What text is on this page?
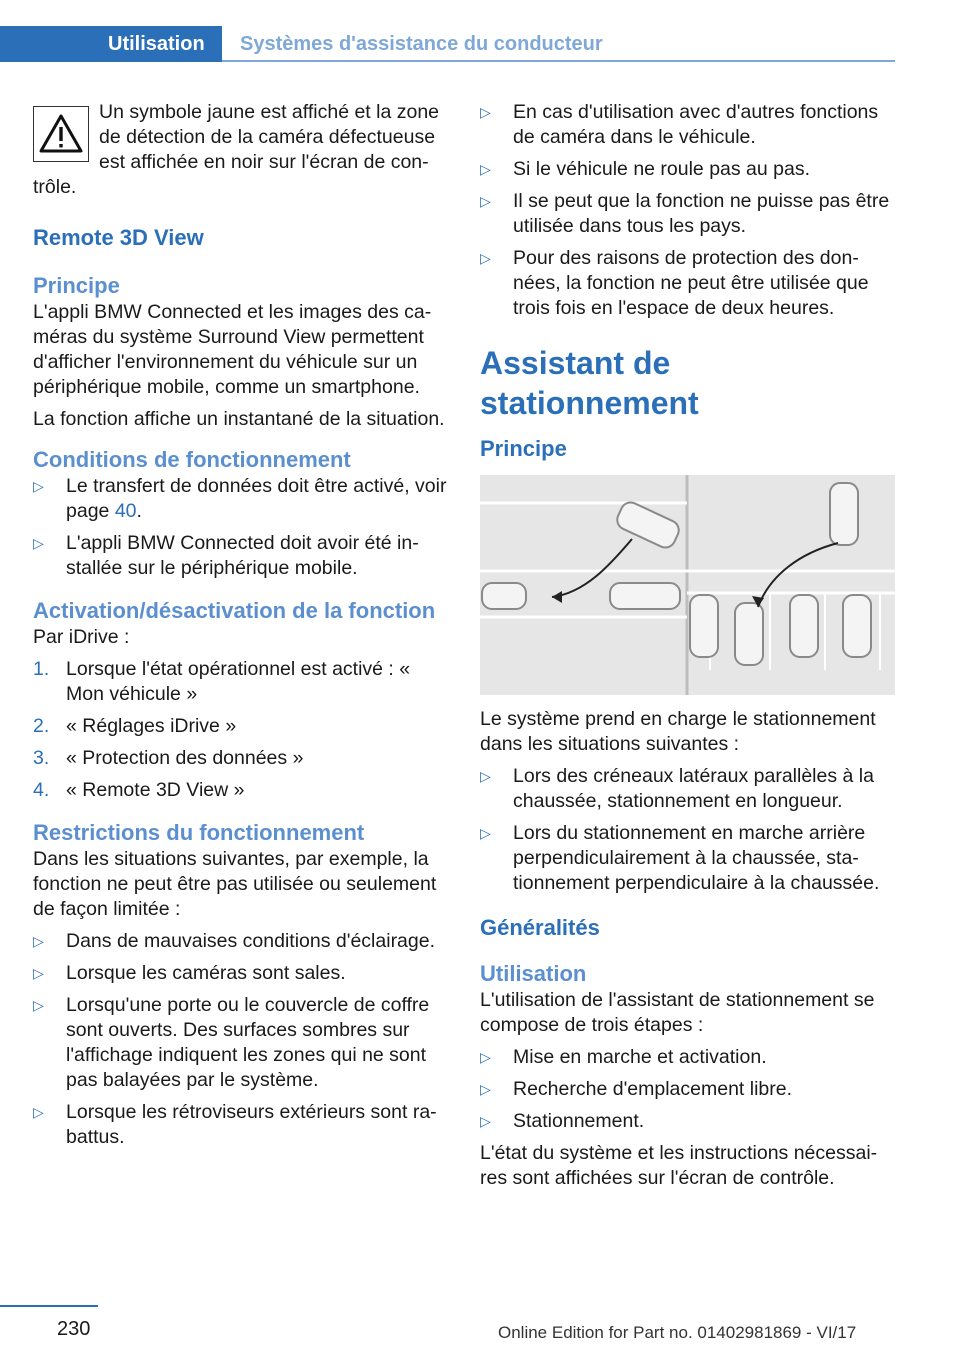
Utilisation	Systèmes d'assistance du conducteur

Un symbole jaune est affiché et la zone de détection de la caméra défectueuse est affichée en noir sur l'écran de con-

trôle.

Remote 3D View
Principe

L'appli BMW Connected et les images des caméras du système Surround View permettent d'afficher l'environnement du véhicule sur un périphérique mobile, comme un smartphone.

La fonction affiche un instantané de la situation.

Conditions de fonctionnement
▷
Le transfert de données doit être activé, voir page 40.
▷
L'appli BMW Connected doit avoir été installée sur le périphérique mobile.
Activation/désactivation de la fonction

Par iDrive :

1. Lorsque l'état opérationnel est activé : « Mon véhicule »
2. « Réglages iDrive »
3. « Protection des données »
4. « Remote 3D View »
Restrictions du fonctionnement

Dans les situations suivantes, par exemple, la fonction ne peut être pas utilisée ou seulement de façon limitée :

▷
Dans de mauvaises conditions d'éclairage.
▷
Lorsque les caméras sont sales.
▷
Lorsqu'une porte ou le couvercle de coffre sont ouverts. Des surfaces sombres sur l'affichage indiquent les zones qui ne sont pas balayées par le système.
▷
Lorsque les rétroviseurs extérieurs sont rabattus.
▷
En cas d'utilisation avec d'autres fonctions de caméra dans le véhicule.
▷
Si le véhicule ne roule pas au pas.
▷
Il se peut que la fonction ne puisse pas être utilisée dans tous les pays.
▷
Pour des raisons de protection des données, la fonction ne peut être utilisée que trois fois en l'espace de deux heures.
Assistant de stationnement
Principe

Le système prend en charge le stationnement dans les situations suivantes :

▷
Lors des créneaux latéraux parallèles à la chaussée, stationnement en longueur.
▷
Lors du stationnement en marche arrière perpendiculairement à la chaussée, stationnement perpendiculaire à la chaussée.
Généralités
Utilisation

L'utilisation de l'assistant de stationnement se compose de trois étapes :

▷
Mise en marche et activation.
▷
Recherche d'emplacement libre.
▷
Stationnement.

L'état du système et les instructions nécessaires sont affichées sur l'écran de contrôle.

230	Online Edition for Part no. 01402981869 - VI/17
